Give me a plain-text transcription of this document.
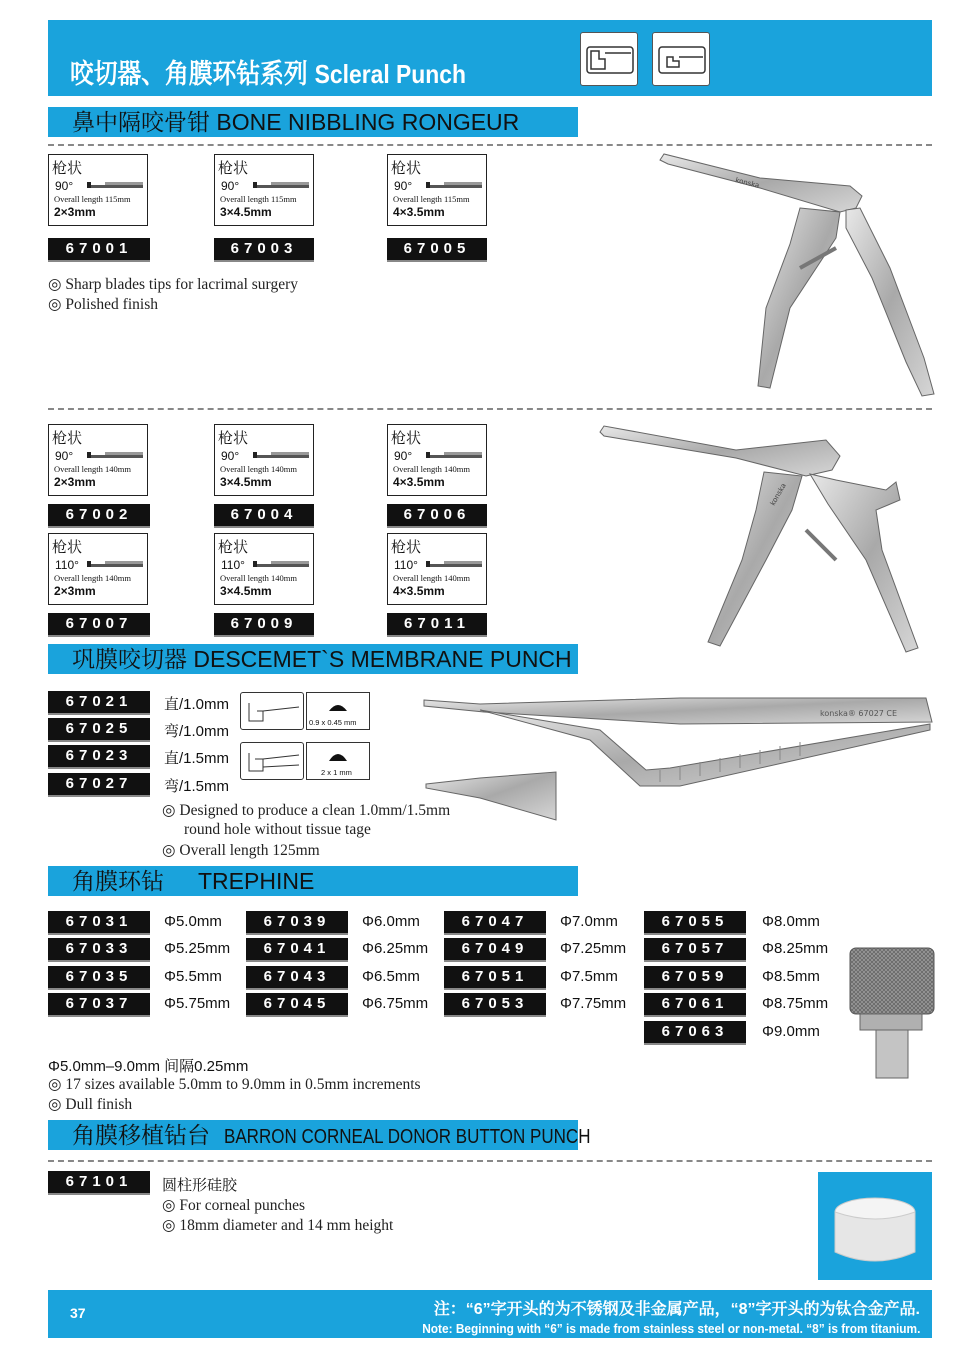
咬切器、角膜环钻系列 Scleral Punch
鼻中隔咬骨钳 BONE NIBBLING RONGEUR
枪状
90°
Overall length 115mm
2×3mm
67001
枪状
90°
Overall length 115mm
3×4.5mm
67003
枪状
90°
Overall length 115mm
4×3.5mm
67005
◎ Sharp blades tips for lacrimal surgery
◎ Polished finish
konska
枪状
90°
Overall length 140mm
2×3mm
67002
枪状
90°
Overall length 140mm
3×4.5mm
67004
枪状
90°
Overall length 140mm
4×3.5mm
67006
枪状
110°
Overall length 140mm
2×3mm
67007
枪状
110°
Overall length 140mm
3×4.5mm
67009
枪状
110°
Overall length 140mm
4×3.5mm
67011
konska
巩膜咬切器 DESCEMET`S MEMBRANE PUNCH
67021	直/1.0mm
67025	弯/1.0mm
67023	直/1.5mm
67027	弯/1.5mm
0.9 x 0.45 mm
2 x 1 mm
konska® 67027 CE
◎ Designed to produce a clean 1.0mm/1.5mm
round hole without tissue tage
◎ Overall length 125mm
角膜环钻 TREPHINE
67031	Φ5.0mm
67033	Φ5.25mm
67035	Φ5.5mm
67037	Φ5.75mm
67039	Φ6.0mm
67041	Φ6.25mm
67043	Φ6.5mm
67045	Φ6.75mm
67047	Φ7.0mm
67049	Φ7.25mm
67051	Φ7.5mm
67053	Φ7.75mm
67055	Φ8.0mm
67057	Φ8.25mm
67059	Φ8.5mm
67061	Φ8.75mm
67063	Φ9.0mm
Φ5.0mm–9.0mm 间隔0.25mm
◎ 17 sizes available 5.0mm to 9.0mm in 0.5mm increments
◎ Dull finish
角膜移植钻台 BARRON CORNEAL DONOR BUTTON PUNCH
67101	圆柱形硅胶
◎ For corneal punches
◎ 18mm diameter and 14 mm height
37	注：“6”字开头的为不锈钢及非金属产品，“8”字开头的为钛合金产品.
Note: Beginning with “6” is made from stainless steel or non-metal. “8” is from titanium.
